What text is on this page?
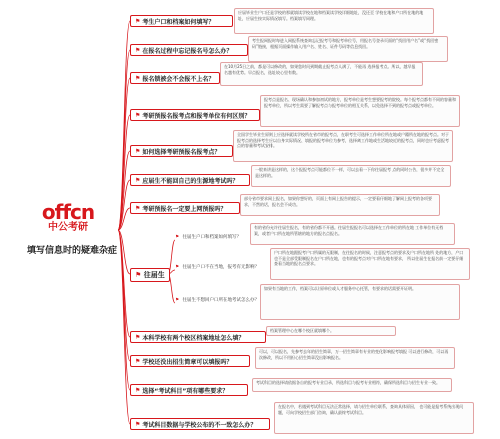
offcn
中公考研
填写信息时的疑难杂症
⚑ 考生户口和档案如何填写？
应届毕业生户口还是学校的那就填读学校在地和档案读学校详细地址，没还至 学校在地和户口所在地的地址，应届生按实际情况填写。档案填写同理。
⚑ 在报名过程中忘记报名号怎么办？
考生报网报时每进入网报系统查询忘记报考号和报考单位号，用报名号登录页面的“找回用户名”或“找回密码”链接，根据页面操作输入用户名、姓名、证件号码等信息找回。
⚑ 报名锁被会不会报不上名？
在10月25日之前，都是可以修改的，如果您时问到期截止报考点人满了，不能再 选择报考点。所以，越早报名越有优势。早点报名，选址较心里有数。
⚑ 考研预报名报考点和报考单位有何区别？
报考点是报名、现场确认和参加初试的地方，报考单位是考生想要报考的院校。每个报考点都有不同的容量和报考单位，所以考生需要了解报考点与报考单位的相互关系，以免选择不到的报考点或报考单位。
⚑ 如何选择考研预报名报考点？
全国学生毕业生原则上应选择就读学校所在省市的报考点，在职考生可选择工作单位所在地或户籍所在地的报考点。对于报考点的选择考生应以自身实际情况、填报的报考单位为参考，选择离工作地或生活地较近的报考点，同时也应考虑报考点的容量和考试安排。
⚑ 应届生不能回自己的生源地考试吗？
一般来讲是这样的，这个报报考点可能都位不一样，可以去看一下你往届报考 点的同时公告，很多并不完全是这样的。
⚑ 考研预报名一定要上网预报吗？
部分省市要求网上报名，如果你想好的，页面上有网上报告的提示，一定要看仔细地了解网上报考的各项要求，不然的话，报名会不成功。
⚑ 往届生
⚑ 往届生户口和档案如何填写？
有的省份允许往届生报名，有的省份都不开通。往届生报报名可以选择在工作单位的所在地 工作单位有无档案，或者户口所在地所管辖的地方的报名点报名。
⚑ 往届生户口不在当地，报考有无影响？
户口所在地跟报考户口所属的无限制，在往报名的时候，注意报考点的要求及户口所在地所 处的地方，户口也不是全部受限制报名在户口所在地，也有的报考点对户口所在地有要求， 所以往届生在报名前一定要仔细查看当地的报名点要求。
⚑ 往届生不想回户口所在地考试怎么办？
如果有当地的工作，档案可以让原单位或人才服务中心托管，有要求的话需要开证明。
⚑ 本科学校有两个校区档案地址怎么填？
档案管理中心在哪个校区就填哪个。
⚑ 学校还没出招生简章可以填报吗？
可以，可以报名，先参考去年的招生简章，万一招生简章有专业的变化影响报考填报 可以进行修改，可以再次修改，所以不用担心招生简章没出影响报名。
⚑ 选择“考试科目”项有哪些要求？
考试科目的选择请依据各自的报考专业目录，所选科目与报考专业相符，确保所选科目与招生专业一致。
⚑ 考试科目数据与学校公布的不一致怎么办？
在报名中，若遇到考试科目无法正常选择，请与招生单位联系，查询具体原因， 也可能是报考系统出现问题，可向学校招生部门咨询，确认最终考试科目。
